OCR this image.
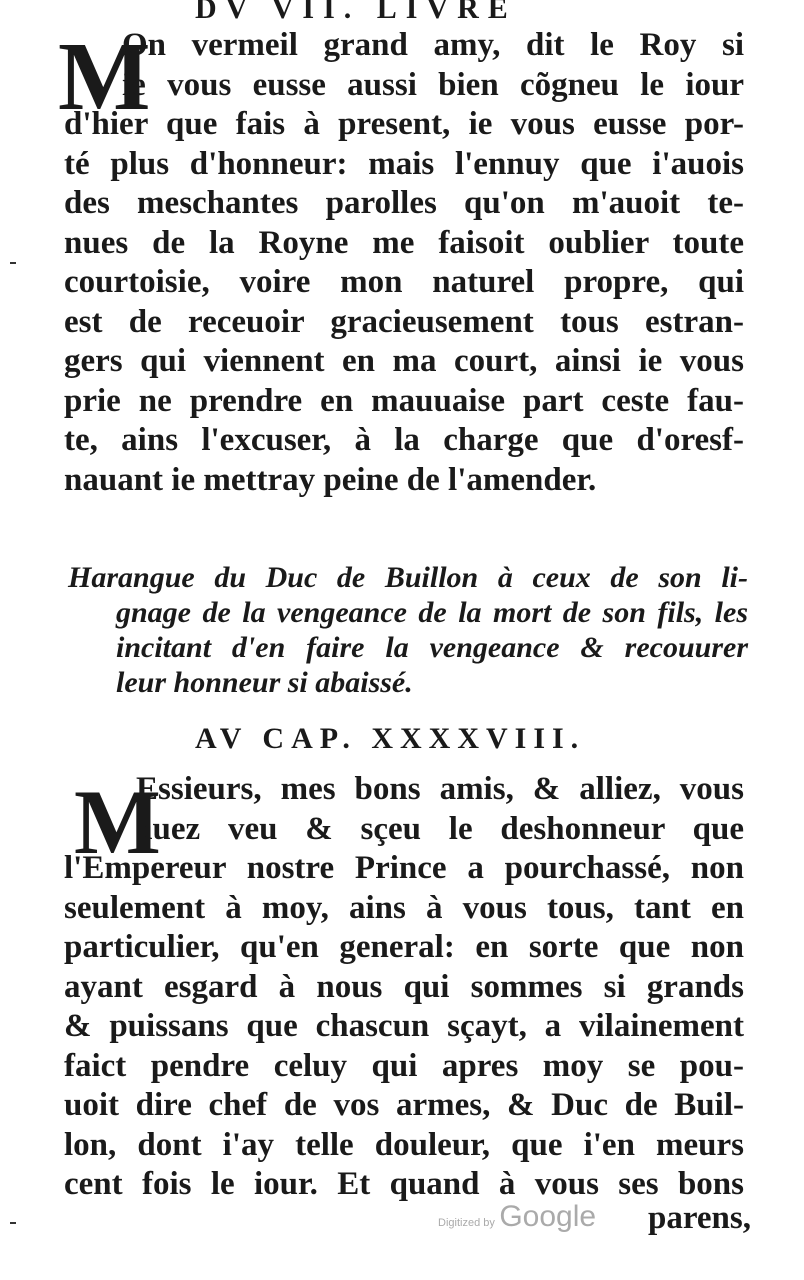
DV VII. LIVRE
M
On vermeil grand amy, dit le Roy si
ie vous eusse aussi bien cõgneu le iour
d'hier que fais à present, ie vous eusse por-
té plus d'honneur: mais l'ennuy que i'auois
des meschantes parolles qu'on m'auoit te-
nues de la Royne me faisoit oublier toute
courtoisie, voire mon naturel propre, qui
est de receuoir gracieusement tous estran-
gers qui viennent en ma court, ainsi ie vous
prie ne prendre en mauuaise part ceste fau-
te, ains l'excuser, à la charge que d'oresf-
nauant ie mettray peine de l'amender.
Harangue du Duc de Buillon à ceux de son li-
gnage de la vengeance de la mort de son fils, les
incitant d'en faire la vengeance & recouurer
leur honneur si abaissé.
AV CAP. XXXXVIII.
M
Essieurs, mes bons amis, & alliez, vous
auez veu & sçeu le deshonneur que
l'Empereur nostre Prince a pourchassé, non
seulement à moy, ains à vous tous, tant en
particulier, qu'en general: en sorte que non
ayant esgard à nous qui sommes si grands
& puissans que chascun sçayt, a vilainement
faict pendre celuy qui apres moy se pou-
uoit dire chef de vos armes, & Duc de Buil-
lon, dont i'ay telle douleur, que i'en meurs
cent fois le iour. Et quand à vous ses bons
Digitized by Google parens,
